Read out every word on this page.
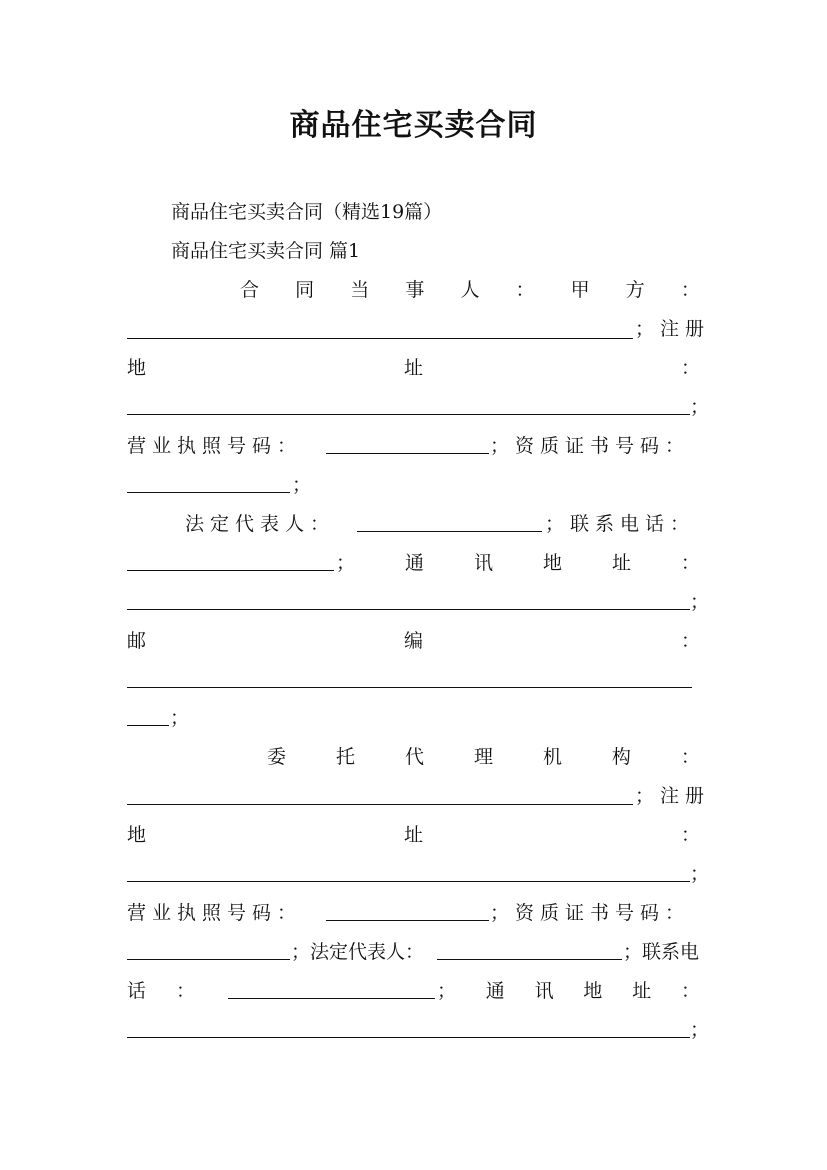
商品住宅买卖合同
商品住宅买卖合同（精选19篇）
商品住宅买卖合同 篇1
合 同 当 事 人 ： 甲 方 ：
；注册
地	址	：
；
营业执照号码：	；资质证书号码：
；
法定代表人：	；联系电话：
；	通	讯	地	址	：
；
邮	编	：
；
委	托	代	理	机	构	：
；注册
地	址	：
；
营业执照号码：	；资质证书号码：
；法定代表人：	；联系电
话 ：	； 通 讯 地 址 ：
；
